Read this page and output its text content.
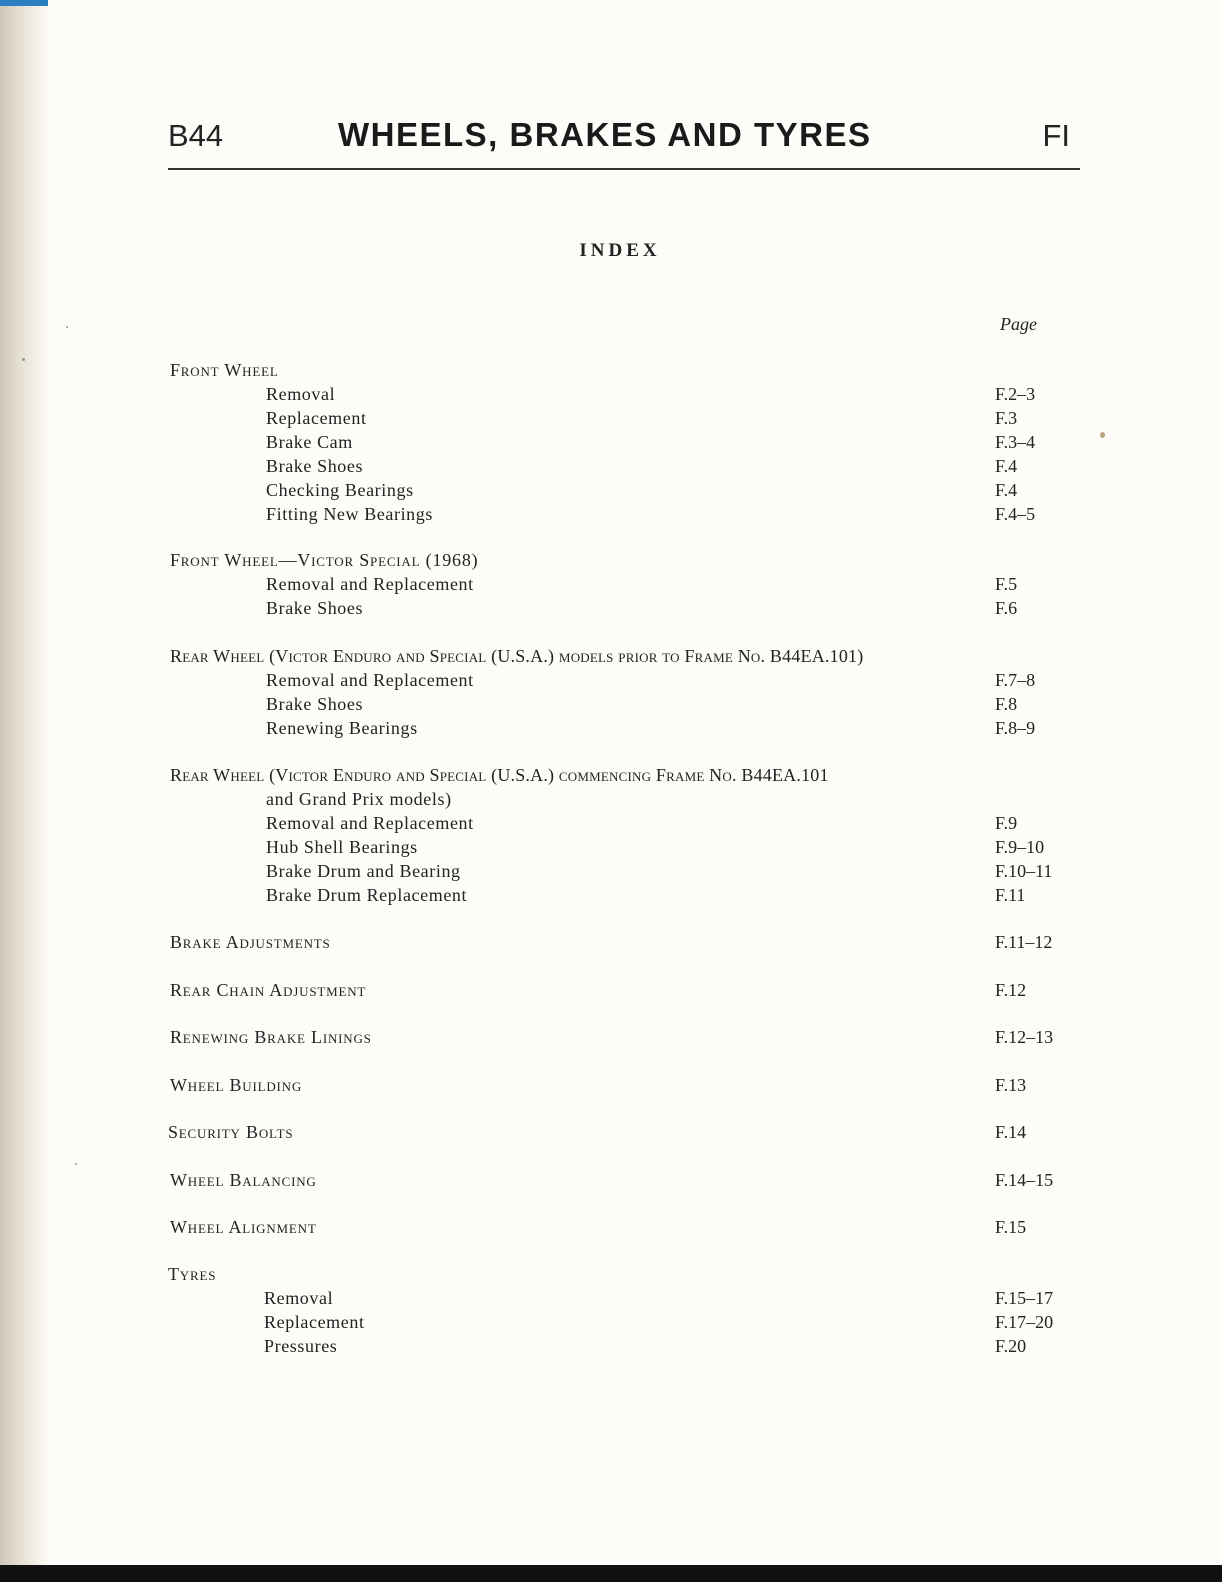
B44	WHEELS, BRAKES AND TYRES	FI
INDEX
Page
Front Wheel
Removal	F.2–3
Replacement	F.3
Brake Cam	F.3–4
Brake Shoes	F.4
Checking Bearings	F.4
Fitting New Bearings	F.4–5
Front Wheel—Victor Special (1968)
Removal and Replacement	F.5
Brake Shoes	F.6
Rear Wheel (Victor Enduro and Special (U.S.A.) models prior to Frame No. B44EA.101)
Removal and Replacement	F.7–8
Brake Shoes	F.8
Renewing Bearings	F.8–9
Rear Wheel (Victor Enduro and Special (U.S.A.) commencing Frame No. B44EA.101
and Grand Prix models)
Removal and Replacement	F.9
Hub Shell Bearings	F.9–10
Brake Drum and Bearing	F.10–11
Brake Drum Replacement	F.11
Brake Adjustments	F.11–12
Rear Chain Adjustment	F.12
Renewing Brake Linings	F.12–13
Wheel Building	F.13
Security Bolts	F.14
Wheel Balancing	F.14–15
Wheel Alignment	F.15
Tyres
Removal	F.15–17
Replacement	F.17–20
Pressures	F.20
